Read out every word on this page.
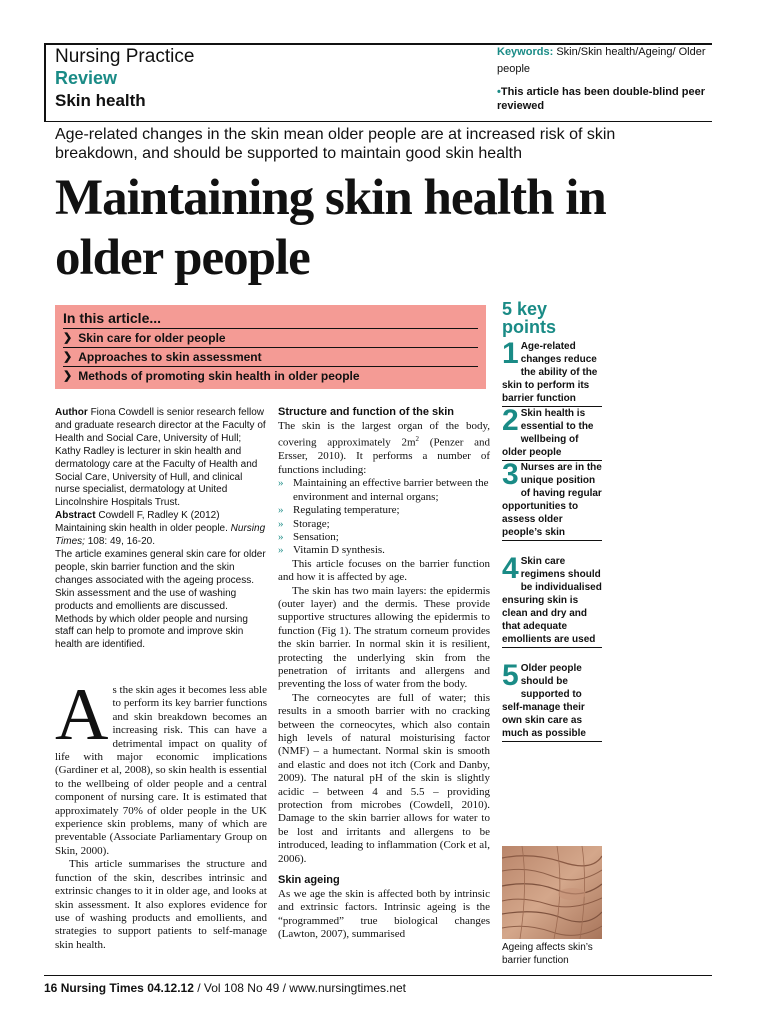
Nursing Practice
Review
Skin health
Keywords: Skin/Skin health/Ageing/ Older people
•This article has been double-blind peer reviewed
Age-related changes in the skin mean older people are at increased risk of skin breakdown, and should be supported to maintain good skin health
Maintaining skin health in older people
In this article...
❯ Skin care for older people
❯ Approaches to skin assessment
❯ Methods of promoting skin health in older people
5 key points
1 Age-related changes reduce the ability of the skin to perform its barrier function
2 Skin health is essential to the wellbeing of older people
3 Nurses are in the unique position of having regular opportunities to assess older people’s skin
4 Skin care regimens should be individualised ensuring skin is clean and dry and that adequate emollients are used
5 Older people should be supported to self-manage their own skin care as much as possible
Author Fiona Cowdell is senior research fellow and graduate research director at the Faculty of Health and Social Care, University of Hull; Kathy Radley is lecturer in skin health and dermatology care at the Faculty of Health and Social Care, University of Hull, and clinical nurse specialist, dermatology at United Lincolnshire Hospitals Trust.
Abstract Cowdell F, Radley K (2012) Maintaining skin health in older people. Nursing Times; 108: 49, 16-20.
The article examines general skin care for older people, skin barrier function and the skin changes associated with the ageing process. Skin assessment and the use of washing products and emollients are discussed. Methods by which older people and nursing staff can help to promote and improve skin health are identified.

As the skin ages it becomes less able to perform its key barrier functions and skin breakdown becomes an increasing risk. This can have a detrimental impact on quality of life with major economic implications (Gardiner et al, 2008), so skin health is essential to the wellbeing of older people and a central component of nursing care. It is estimated that approximately 70% of older people in the UK experience skin problems, many of which are preventable (Associate Parliamentary Group on Skin, 2000).

This article summarises the structure and function of the skin, describes intrinsic and extrinsic changes to it in older age, and looks at skin assessment. It also explores evidence for use of washing products and emollients, and strategies to support patients to self-manage skin health.

Structure and function of the skin

The skin is the largest organ of the body, covering approximately $2m^2$ (Penzer and Ersser, 2010). It performs a number of functions including:

» Maintaining an effective barrier between the environment and internal organs;
» Regulating temperature;
» Storage;
» Sensation;
» Vitamin D synthesis.

This article focuses on the barrier function and how it is affected by age.

The skin has two main layers: the epidermis (outer layer) and the dermis. These provide supportive structures allowing the epidermis to function (Fig 1). The stratum corneum provides the skin barrier. In normal skin it is resilient, protecting the underlying skin from the penetration of irritants and allergens and preventing the loss of water from the body.

The corneocytes are full of water; this results in a smooth barrier with no cracking between the corneocytes, which also contain high levels of natural moisturising factor (NMF) – a humectant. Normal skin is smooth and elastic and does not itch (Cork and Danby, 2009). The natural pH of the skin is slightly acidic – between 4 and 5.5 – providing protection from microbes (Cowdell, 2010). Damage to the skin barrier allows for water to be lost and irritants and allergens to be introduced, leading to inflammation (Cork et al, 2006).

Skin ageing

As we age the skin is affected both by intrinsic and extrinsic factors. Intrinsic ageing is the “programmed” true biological changes (Lawton, 2007), summarised

Ageing affects skin’s barrier function
16 Nursing Times 04.12.12 / Vol 108 No 49 / www.nursingtimes.net
